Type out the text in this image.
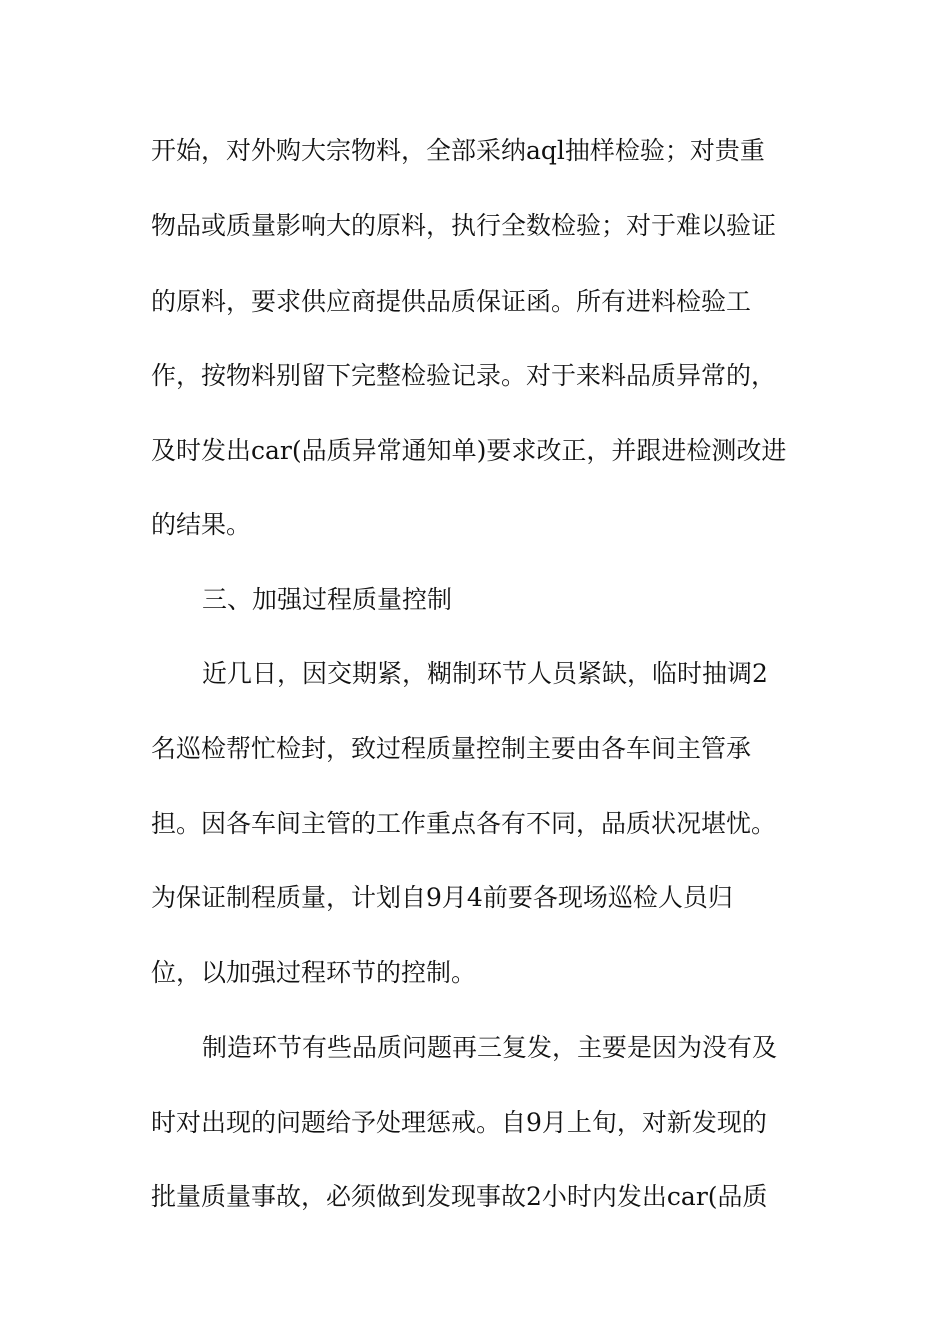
开始，对外购大宗物料，全部采纳aql抽样检验；对贵重
物品或质量影响大的原料，执行全数检验；对于难以验证
的原料，要求供应商提供品质保证函。所有进料检验工
作，按物料别留下完整检验记录。对于来料品质异常的，
及时发出car(品质异常通知单)要求改正，并跟进检测改进
的结果。
三、加强过程质量控制
近几日，因交期紧，糊制环节人员紧缺，临时抽调2
名巡检帮忙检封，致过程质量控制主要由各车间主管承
担。因各车间主管的工作重点各有不同，品质状况堪忧。
为保证制程质量，计划自9月4前要各现场巡检人员归
位，以加强过程环节的控制。
制造环节有些品质问题再三复发，主要是因为没有及
时对出现的问题给予处理惩戒。自9月上旬，对新发现的
批量质量事故，必须做到发现事故2小时内发出car(品质
